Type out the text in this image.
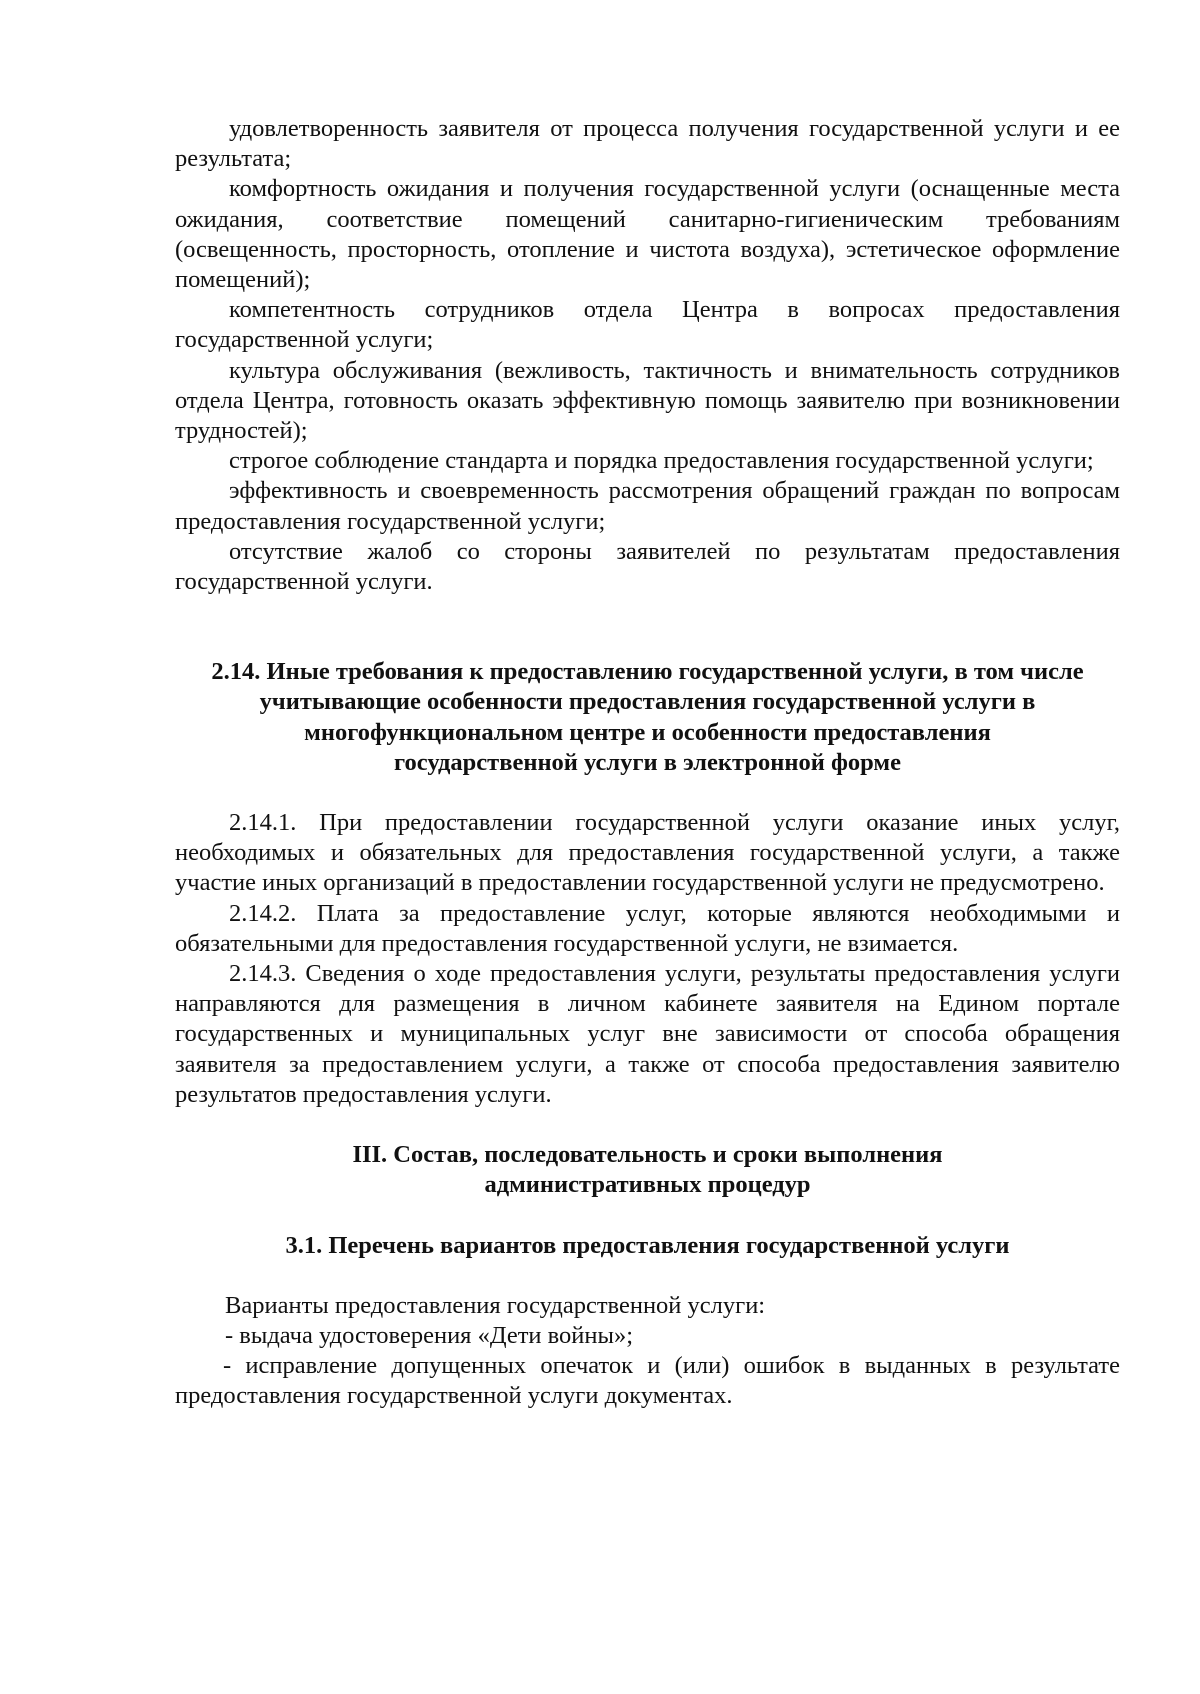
удовлетворенность заявителя от процесса получения государственной услуги и ее результата;

комфортность ожидания и получения государственной услуги (оснащенные места ожидания, соответствие помещений санитарно-гигиеническим требованиям (освещенность, просторность, отопление и чистота воздуха), эстетическое оформление помещений);

компетентность сотрудников отдела Центра в вопросах предоставления государственной услуги;

культура обслуживания (вежливость, тактичность и внимательность сотрудников отдела Центра, готовность оказать эффективную помощь заявителю при возникновении трудностей);

строгое соблюдение стандарта и порядка предоставления государственной услуги;

эффективность и своевременность рассмотрения обращений граждан по вопросам предоставления государственной услуги;

отсутствие жалоб со стороны заявителей по результатам предоставления государственной услуги.

2.14. Иные требования к предоставлению государственной услуги, в том числе

учитывающие особенности предоставления государственной услуги в

многофункциональном центре и особенности предоставления

государственной услуги в электронной форме

2.14.1. При предоставлении государственной услуги оказание иных услуг, необходимых и обязательных для предоставления государственной услуги, а также участие иных организаций в предоставлении государственной услуги не предусмотрено.

2.14.2. Плата за предоставление услуг, которые являются необходимыми и обязательными для предоставления государственной услуги, не взимается.

2.14.3. Сведения о ходе предоставления услуги, результаты предоставления услуги направляются для размещения в личном кабинете заявителя на Едином портале государственных и муниципальных услуг вне зависимости от способа обращения заявителя за предоставлением услуги, а также от способа предоставления заявителю результатов предоставления услуги.

III. Состав, последовательность и сроки выполнения

административных процедур

3.1. Перечень вариантов предоставления государственной услуги

Варианты предоставления государственной услуги:

- выдача удостоверения «Дети войны»;

- исправление допущенных опечаток и (или) ошибок в выданных в результате предоставления государственной услуги документах.
